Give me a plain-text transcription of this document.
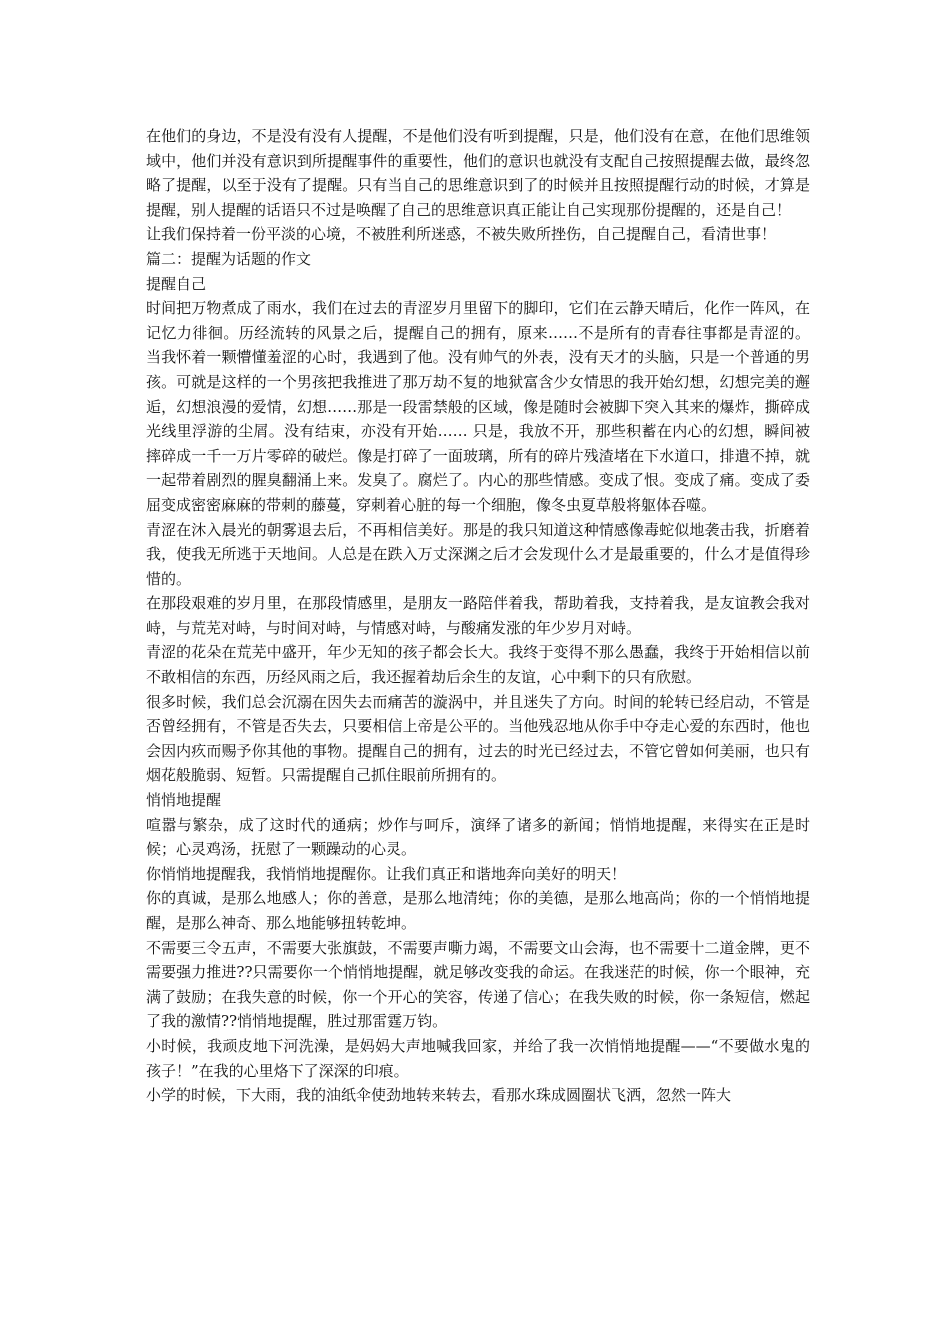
在他们的身边，不是没有没有人提醒，不是他们没有听到提醒，只是，他们没有在意，在他们思维领域中，他们并没有意识到所提醒事件的重要性，他们的意识也就没有支配自己按照提醒去做，最终忽略了提醒，以至于没有了提醒。只有当自己的思维意识到了的时候并且按照提醒行动的时候，才算是提醒，别人提醒的话语只不过是唤醒了自己的思维意识真正能让自己实现那份提醒的，还是自己！

让我们保持着一份平淡的心境，不被胜利所迷惑，不被失败所挫伤，自己提醒自己，看清世事！

篇二：提醒为话题的作文

提醒自己

时间把万物煮成了雨水，我们在过去的青涩岁月里留下的脚印，它们在云静天晴后，化作一阵风，在记忆力徘徊。历经流转的风景之后，提醒自己的拥有，原来……不是所有的青春往事都是青涩的。 当我怀着一颗懵懂羞涩的心时，我遇到了他。没有帅气的外表，没有天才的头脑，只是一个普通的男孩。可就是这样的一个男孩把我推进了那万劫不复的地狱富含少女情思的我开始幻想，幻想完美的邂逅，幻想浪漫的爱情，幻想……那是一段雷禁般的区域，像是随时会被脚下突入其来的爆炸，撕碎成光线里浮游的尘屑。没有结束，亦没有开始…… 只是，我放不开，那些积蓄在内心的幻想，瞬间被摔碎成一千一万片零碎的破烂。像是打碎了一面玻璃，所有的碎片残渣堵在下水道口，排遣不掉，就一起带着剧烈的腥臭翻涌上来。发臭了。腐烂了。内心的那些情感。变成了恨。变成了痛。变成了委屈变成密密麻麻的带刺的藤蔓，穿刺着心脏的每一个细胞，像冬虫夏草般将躯体吞噬。

青涩在沐入晨光的朝雾退去后，不再相信美好。那是的我只知道这种情感像毒蛇似地袭击我，折磨着我，使我无所逃于天地间。人总是在跌入万丈深渊之后才会发现什么才是最重要的，什么才是值得珍惜的。

在那段艰难的岁月里，在那段情感里，是朋友一路陪伴着我，帮助着我，支持着我，是友谊教会我对峙，与荒芜对峙，与时间对峙，与情感对峙，与酸痛发涨的年少岁月对峙。

青涩的花朵在荒芜中盛开，年少无知的孩子都会长大。我终于变得不那么愚蠢，我终于开始相信以前不敢相信的东西，历经风雨之后，我还握着劫后余生的友谊，心中剩下的只有欣慰。

很多时候，我们总会沉溺在因失去而痛苦的漩涡中，并且迷失了方向。时间的轮转已经启动，不管是否曾经拥有，不管是否失去，只要相信上帝是公平的。当他残忍地从你手中夺走心爱的东西时，他也会因内疚而赐予你其他的事物。提醒自己的拥有，过去的时光已经过去，不管它曾如何美丽，也只有烟花般脆弱、短暂。只需提醒自己抓住眼前所拥有的。

悄悄地提醒

喧嚣与繁杂，成了这时代的通病；炒作与呵斥，演绎了诸多的新闻；悄悄地提醒，来得实在正是时候；心灵鸡汤，抚慰了一颗躁动的心灵。

你悄悄地提醒我，我悄悄地提醒你。让我们真正和谐地奔向美好的明天！

你的真诚，是那么地感人；你的善意，是那么地清纯；你的美德，是那么地高尚；你的一个悄悄地提醒，是那么神奇、那么地能够扭转乾坤。

不需要三令五声，不需要大张旗鼓，不需要声嘶力竭，不需要文山会海，也不需要十二道金牌，更不需要强力推进??只需要你一个悄悄地提醒，就足够改变我的命运。在我迷茫的时候，你一个眼神，充满了鼓励；在我失意的时候，你一个开心的笑容，传递了信心；在我失败的时候，你一条短信，燃起了我的激情??悄悄地提醒，胜过那雷霆万钧。

小时候，我顽皮地下河洗澡，是妈妈大声地喊我回家，并给了我一次悄悄地提醒——“不要做水鬼的孩子！”在我的心里烙下了深深的印痕。

小学的时候，下大雨，我的油纸伞使劲地转来转去，看那水珠成圆圈状飞洒，忽然一阵大
